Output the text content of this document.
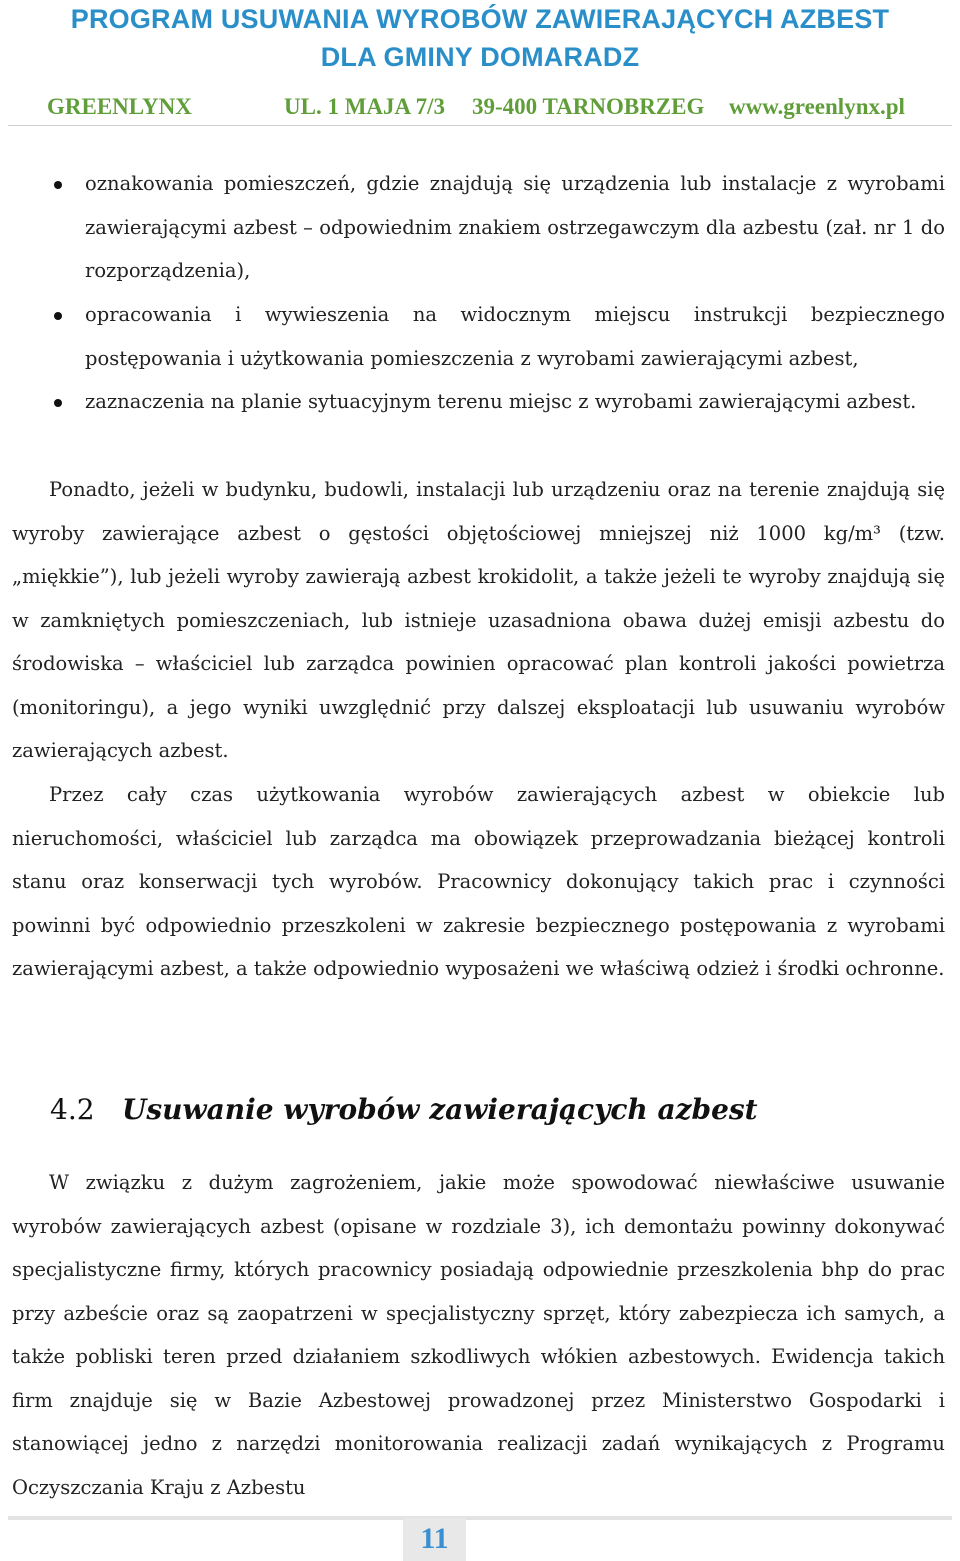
PROGRAM USUWANIA WYROBÓW ZAWIERAJĄCYCH AZBEST
DLA GMINY DOMARADZ
GREENLYNX	UL. 1 MAJA 7/3 39-400 TARNOBRZEG www.greenlynx.pl
oznakowania pomieszczeń, gdzie znajdują się urządzenia lub instalacje z wyrobami zawierającymi azbest – odpowiednim znakiem ostrzegawczym dla azbestu (zał. nr 1 do rozporządzenia),
opracowania i wywieszenia na widocznym miejscu instrukcji bezpiecznego postępowania i użytkowania pomieszczenia z wyrobami zawierającymi azbest,
zaznaczenia na planie sytuacyjnym terenu miejsc z wyrobami zawierającymi azbest.
Ponadto, jeżeli w budynku, budowli, instalacji lub urządzeniu oraz na terenie znajdują się wyroby zawierające azbest o gęstości objętościowej mniejszej niż 1000 kg/m³ (tzw. „miękkie”), lub jeżeli wyroby zawierają azbest krokidolit, a także jeżeli te wyroby znajdują się w zamkniętych pomieszczeniach, lub istnieje uzasadniona obawa dużej emisji azbestu do środowiska – właściciel lub zarządca powinien opracować plan kontroli jakości powietrza (monitoringu), a jego wyniki uwzględnić przy dalszej eksploatacji lub usuwaniu wyrobów zawierających azbest.
Przez cały czas użytkowania wyrobów zawierających azbest w obiekcie lub nieruchomości, właściciel lub zarządca ma obowiązek przeprowadzania bieżącej kontroli stanu oraz konserwacji tych wyrobów. Pracownicy dokonujący takich prac i czynności powinni być odpowiednio przeszkoleni w zakresie bezpiecznego postępowania z wyrobami zawierającymi azbest, a także odpowiednio wyposażeni we właściwą odzież i środki ochronne.
4.2 Usuwanie wyrobów zawierających azbest
W związku z dużym zagrożeniem, jakie może spowodować niewłaściwe usuwanie wyrobów zawierających azbest (opisane w rozdziale 3), ich demontażu powinny dokonywać specjalistyczne firmy, których pracownicy posiadają odpowiednie przeszkolenia bhp do prac przy azbeście oraz są zaopatrzeni w specjalistyczny sprzęt, który zabezpiecza ich samych, a także pobliski teren przed działaniem szkodliwych włókien azbestowych. Ewidencja takich firm znajduje się w Bazie Azbestowej prowadzonej przez Ministerstwo Gospodarki i stanowiącej jedno z narzędzi monitorowania realizacji zadań wynikających z Programu Oczyszczania Kraju z Azbestu
11
